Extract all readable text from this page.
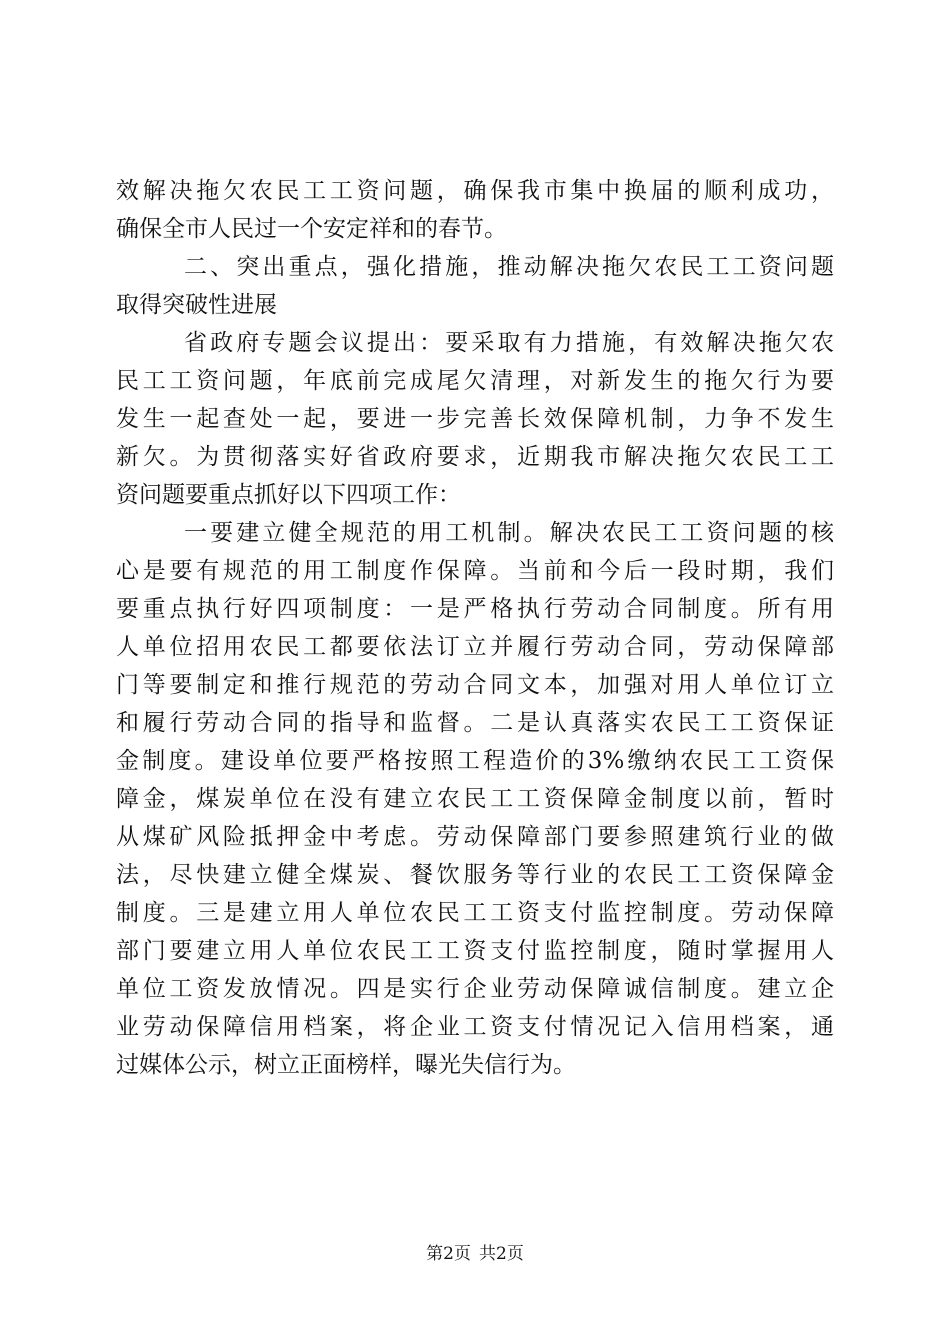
效解决拖欠农民工工资问题，确保我市集中换届的顺利成功，
确保全市人民过一个安定祥和的春节。
二、突出重点，强化措施，推动解决拖欠农民工工资问题
取得突破性进展
省政府专题会议提出：要采取有力措施，有效解决拖欠农
民工工资问题，年底前完成尾欠清理，对新发生的拖欠行为要
发生一起查处一起，要进一步完善长效保障机制，力争不发生
新欠。为贯彻落实好省政府要求，近期我市解决拖欠农民工工
资问题要重点抓好以下四项工作：
一要建立健全规范的用工机制。解决农民工工资问题的核
心是要有规范的用工制度作保障。当前和今后一段时期，我们
要重点执行好四项制度：一是严格执行劳动合同制度。所有用
人单位招用农民工都要依法订立并履行劳动合同，劳动保障部
门等要制定和推行规范的劳动合同文本，加强对用人单位订立
和履行劳动合同的指导和监督。二是认真落实农民工工资保证
金制度。建设单位要严格按照工程造价的3%缴纳农民工工资保
障金，煤炭单位在没有建立农民工工资保障金制度以前，暂时
从煤矿风险抵押金中考虑。劳动保障部门要参照建筑行业的做
法，尽快建立健全煤炭、餐饮服务等行业的农民工工资保障金
制度。三是建立用人单位农民工工资支付监控制度。劳动保障
部门要建立用人单位农民工工资支付监控制度，随时掌握用人
单位工资发放情况。四是实行企业劳动保障诚信制度。建立企
业劳动保障信用档案，将企业工资支付情况记入信用档案，通
过媒体公示，树立正面榜样，曝光失信行为。
第2页 共2页
